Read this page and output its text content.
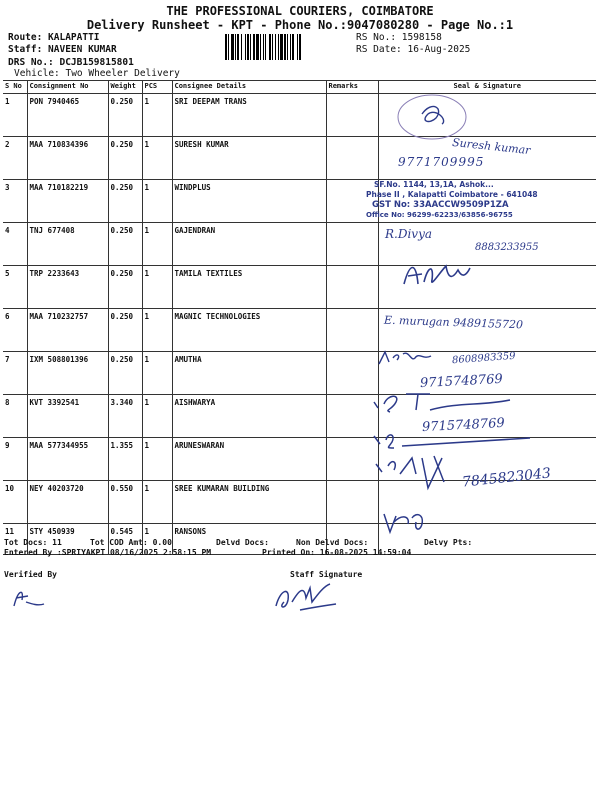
THE PROFESSIONAL COURIERS, COIMBATORE
Delivery Runsheet - KPT - Phone No.:9047080280 - Page No.:1
Route: KALAPATTI
Staff: NAVEEN KUMAR
DRS No.: DCJB159815801
Vehicle: Two Wheeler Delivery
RS No.: 1598158
RS Date: 16-Aug-2025
S No	Consignment No	Weight	PCS	Consignee Details	Remarks	Seal & Signature
1	PON 7940465	0.250	1	SRI DEEPAM TRANS		
2	MAA 710834396	0.250	1	SURESH KUMAR		
3	MAA 710182219	0.250	1	WINDPLUS		
4	TNJ 677408	0.250	1	GAJENDRAN		
5	TRP 2233643	0.250	1	TAMILA TEXTILES		
6	MAA 710232757	0.250	1	MAGNIC TECHNOLOGIES		
7	IXM 508801396	0.250	1	AMUTHA		
8	KVT 3392541	3.340	1	AISHWARYA		
9	MAA 577344955	1.355	1	ARUNESWARAN		
10	NEY 40203720	0.550	1	SREE KUMARAN BUILDING		
11	STY 450939	0.545	1	RANSONS		
SF.No. 1144, 13,1A, Ashok...
Phase II , Kalapatti Coimbatore - 641048
GST No: 33AACCW9509P1ZA
Office No: 96299-62233/63856-96755
Suresh kumar
9771709995
R.Divya
8883233955
E. murugan 9489155720
8608983359
9715748769
9715748769
7845823043
Tot Docs: 11	Tot COD Amt: 0.00	Delvd Docs:	Non Delvd Docs:	Delvy Pts:
Entered By :SPRIYAKPT 08/16/2025 2:58:15 PM	Printed On: 16-08-2025 14:59:04
Verified By	Staff Signature
